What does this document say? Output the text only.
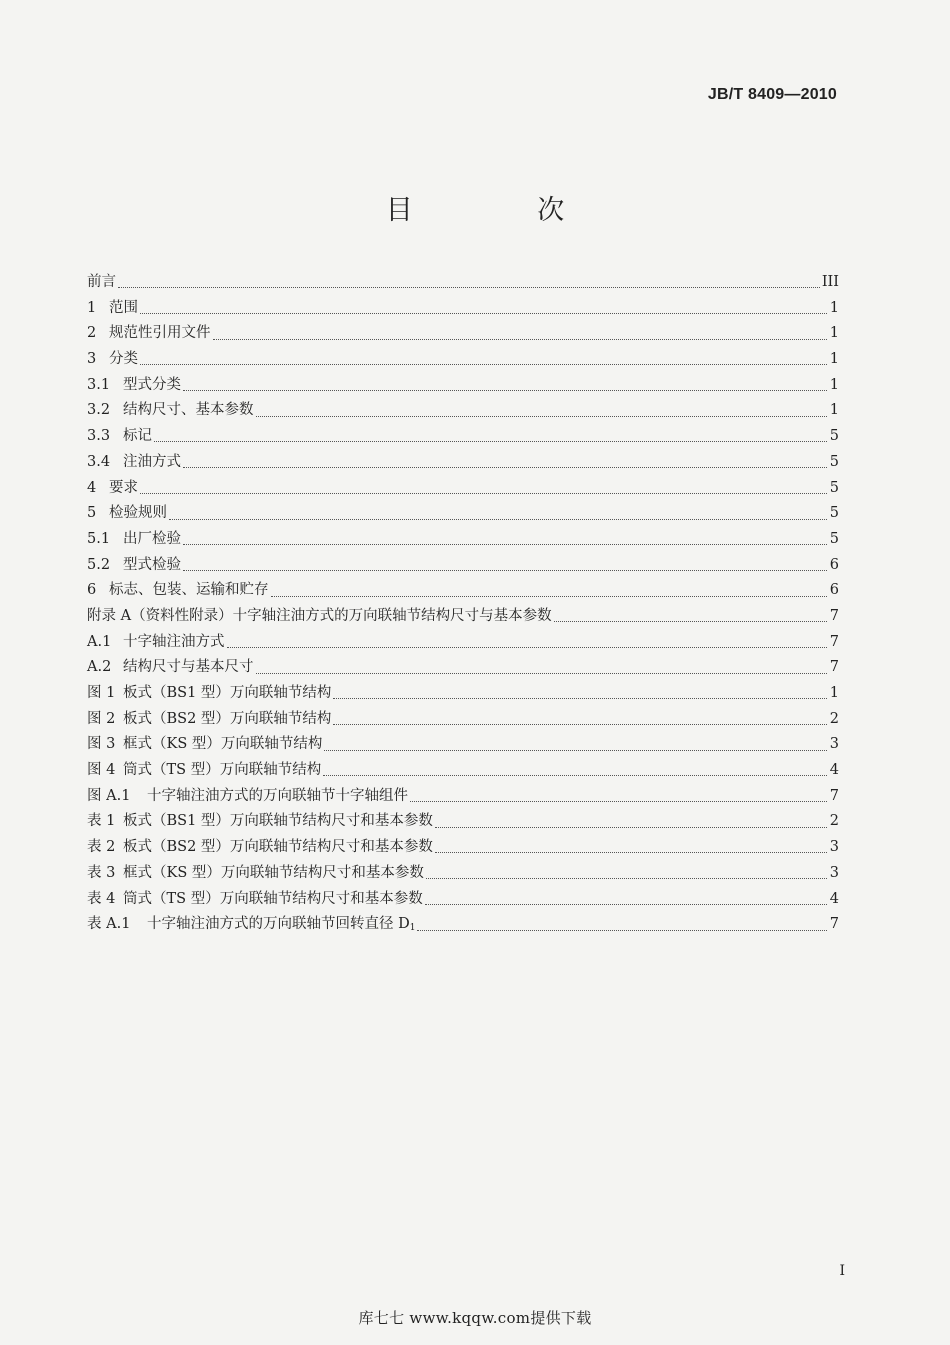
JB/T 8409—2010
目 次
前言	III
1 范围	1
2 规范性引用文件	1
3 分类	1
3.1 型式分类	1
3.2 结构尺寸、基本参数	1
3.3 标记	5
3.4 注油方式	5
4 要求	5
5 检验规则	5
5.1 出厂检验	5
5.2 型式检验	6
6 标志、包装、运输和贮存	6
附录 A（资料性附录）十字轴注油方式的万向联轴节结构尺寸与基本参数	7
A.1 十字轴注油方式	7
A.2 结构尺寸与基本尺寸	7
图 1 板式（BS1 型）万向联轴节结构	1
图 2 板式（BS2 型）万向联轴节结构	2
图 3 框式（KS 型）万向联轴节结构	3
图 4 筒式（TS 型）万向联轴节结构	4
图 A.1 十字轴注油方式的万向联轴节十字轴组件	7
表 1 板式（BS1 型）万向联轴节结构尺寸和基本参数	2
表 2 板式（BS2 型）万向联轴节结构尺寸和基本参数	3
表 3 框式（KS 型）万向联轴节结构尺寸和基本参数	3
表 4 筒式（TS 型）万向联轴节结构尺寸和基本参数	4
表 A.1 十字轴注油方式的万向联轴节回转直径 $D_1$	7
I
库七七 www.kqqw.com提供下载
